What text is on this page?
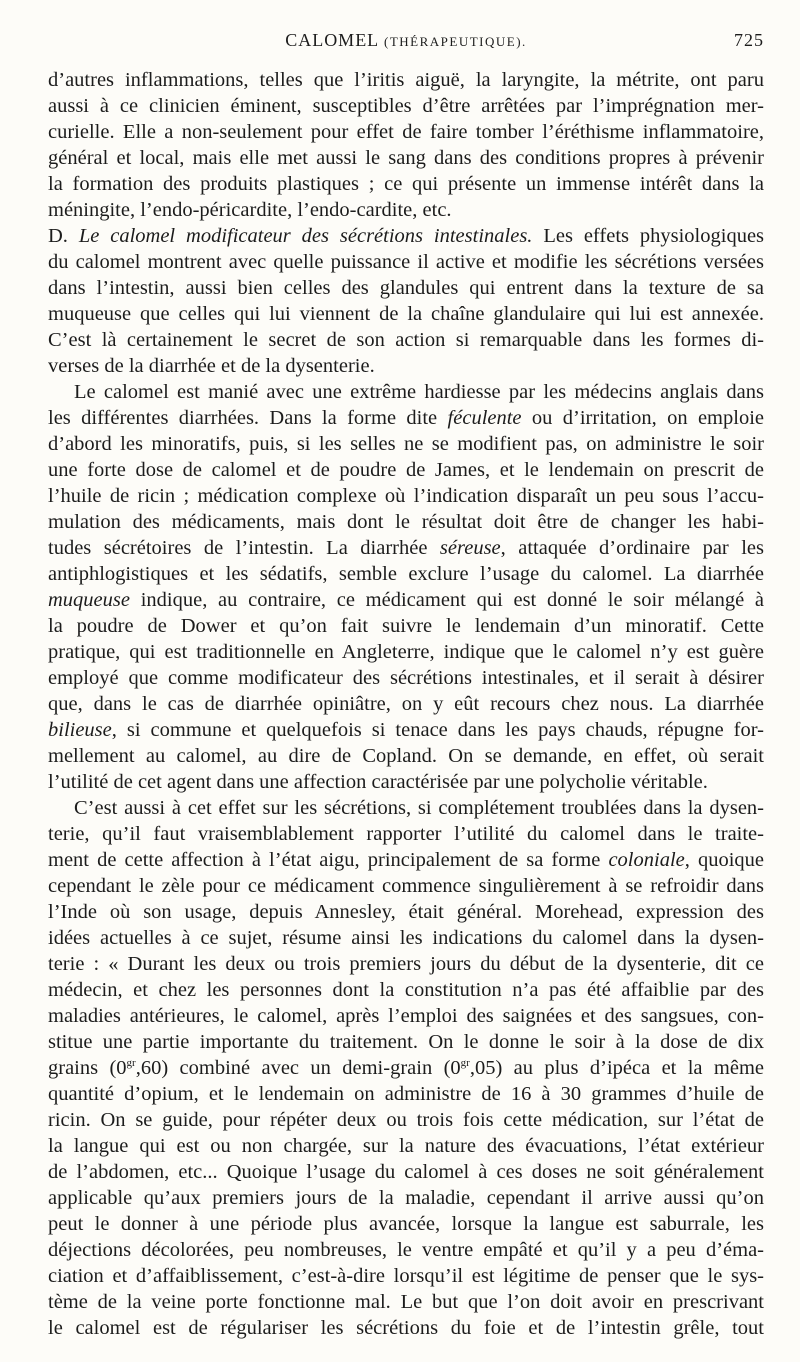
CALOMEL (THÉRAPEUTIQUE).	725
d’autres inflammations, telles que l’iritis aiguë, la laryngite, la métrite, ont paru
aussi à ce clinicien éminent, susceptibles d’être arrêtées par l’imprégnation mer-
curielle. Elle a non-seulement pour effet de faire tomber l’éréthisme inflammatoire,
général et local, mais elle met aussi le sang dans des conditions propres à prévenir
la formation des produits plastiques ; ce qui présente un immense intérêt dans la
méningite, l’endo-péricardite, l’endo-cardite, etc.
D. Le calomel modificateur des sécrétions intestinales. Les effets physiologiques
du calomel montrent avec quelle puissance il active et modifie les sécrétions versées
dans l’intestin, aussi bien celles des glandules qui entrent dans la texture de sa
muqueuse que celles qui lui viennent de la chaîne glandulaire qui lui est annexée.
C’est là certainement le secret de son action si remarquable dans les formes di-
verses de la diarrhée et de la dysenterie.
Le calomel est manié avec une extrême hardiesse par les médecins anglais dans
les différentes diarrhées. Dans la forme dite féculente ou d’irritation, on emploie
d’abord les minoratifs, puis, si les selles ne se modifient pas, on administre le soir
une forte dose de calomel et de poudre de James, et le lendemain on prescrit de
l’huile de ricin ; médication complexe où l’indication disparaît un peu sous l’accu-
mulation des médicaments, mais dont le résultat doit être de changer les habi-
tudes sécrétoires de l’intestin. La diarrhée séreuse, attaquée d’ordinaire par les
antiphlogistiques et les sédatifs, semble exclure l’usage du calomel. La diarrhée
muqueuse indique, au contraire, ce médicament qui est donné le soir mélangé à
la poudre de Dower et qu’on fait suivre le lendemain d’un minoratif. Cette
pratique, qui est traditionnelle en Angleterre, indique que le calomel n’y est guère
employé que comme modificateur des sécrétions intestinales, et il serait à désirer
que, dans le cas de diarrhée opiniâtre, on y eût recours chez nous. La diarrhée
bilieuse, si commune et quelquefois si tenace dans les pays chauds, répugne for-
mellement au calomel, au dire de Copland. On se demande, en effet, où serait
l’utilité de cet agent dans une affection caractérisée par une polycholie véritable.
C’est aussi à cet effet sur les sécrétions, si complétement troublées dans la dysen-
terie, qu’il faut vraisemblablement rapporter l’utilité du calomel dans le traite-
ment de cette affection à l’état aigu, principalement de sa forme coloniale, quoique
cependant le zèle pour ce médicament commence singulièrement à se refroidir dans
l’Inde où son usage, depuis Annesley, était général. Morehead, expression des
idées actuelles à ce sujet, résume ainsi les indications du calomel dans la dysen-
terie : « Durant les deux ou trois premiers jours du début de la dysenterie, dit ce
médecin, et chez les personnes dont la constitution n’a pas été affaiblie par des
maladies antérieures, le calomel, après l’emploi des saignées et des sangsues, con-
stitue une partie importante du traitement. On le donne le soir à la dose de dix
grains $(0^{gr},60)$ combiné avec un demi-grain $(0^{gr},05)$ au plus d’ipéca et la même
quantité d’opium, et le lendemain on administre de 16 à 30 grammes d’huile de
ricin. On se guide, pour répéter deux ou trois fois cette médication, sur l’état de
la langue qui est ou non chargée, sur la nature des évacuations, l’état extérieur
de l’abdomen, etc... Quoique l’usage du calomel à ces doses ne soit généralement
applicable qu’aux premiers jours de la maladie, cependant il arrive aussi qu’on
peut le donner à une période plus avancée, lorsque la langue est saburrale, les
déjections décolorées, peu nombreuses, le ventre empâté et qu’il y a peu d’éma-
ciation et d’affaiblissement, c’est-à-dire lorsqu’il est légitime de penser que le sys-
tème de la veine porte fonctionne mal. Le but que l’on doit avoir en prescrivant
le calomel est de régulariser les sécrétions du foie et de l’intestin grêle, tout
